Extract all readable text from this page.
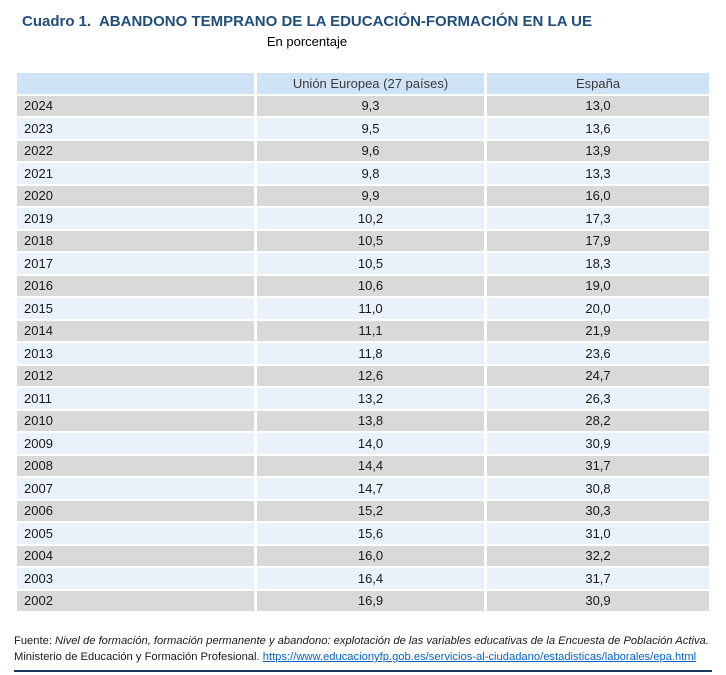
Cuadro 1.  ABANDONO TEMPRANO DE LA EDUCACIÓN-FORMACIÓN EN LA UE
En porcentaje
	Unión Europea (27 países)	España
2024	9,3	13,0
2023	9,5	13,6
2022	9,6	13,9
2021	9,8	13,3
2020	9,9	16,0
2019	10,2	17,3
2018	10,5	17,9
2017	10,5	18,3
2016	10,6	19,0
2015	11,0	20,0
2014	11,1	21,9
2013	11,8	23,6
2012	12,6	24,7
2011	13,2	26,3
2010	13,8	28,2
2009	14,0	30,9
2008	14,4	31,7
2007	14,7	30,8
2006	15,2	30,3
2005	15,6	31,0
2004	16,0	32,2
2003	16,4	31,7
2002	16,9	30,9
Fuente: Nivel de formación, formación permanente y abandono: explotación de las variables educativas de la Encuesta de Población Activa.
Ministerio de Educación y Formación Profesional. https://www.educacionyfp.gob.es/servicios-al-ciudadano/estadisticas/laborales/epa.html
